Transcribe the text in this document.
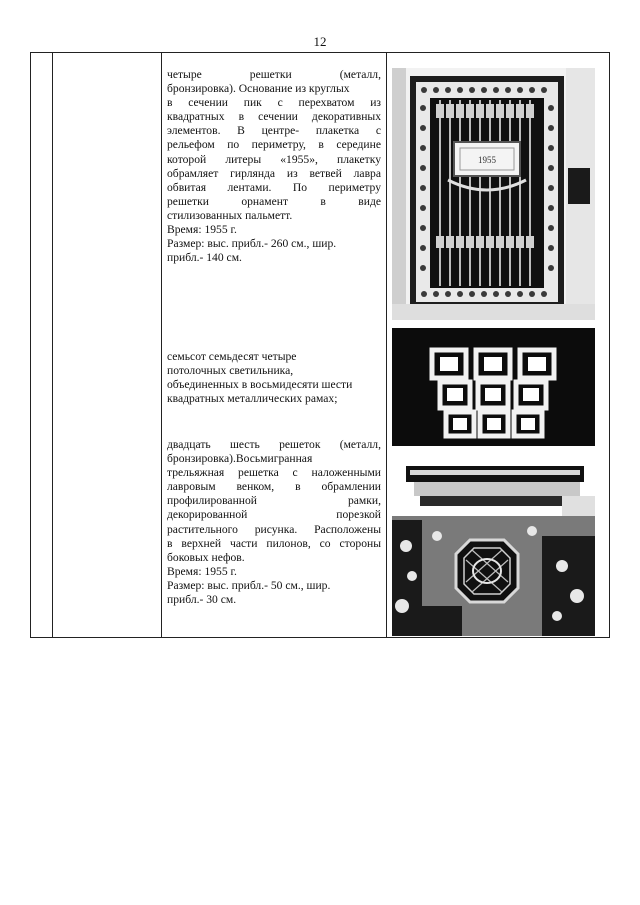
12
четыре решетки (металл,
бронзировка). Основание из круглых
в сечении пик с перехватом из
квадратных в сечении декоративных
элементов. В центре- плакетка с
рельефом по периметру, в середине
которой литеры «1955», плакетку
обрамляет гирлянда из ветвей лавра
обвитая лентами. По периметру
решетки орнамент в виде
стилизованных пальметт.
Время: 1955 г.
Размер: выс. прибл.- 260 см., шир.
прибл.- 140 см.
семьсот семьдесят четыре
потолочных светильника,
объединенных в восьмидесяти шести
квадратных металлических рамах;
двадцать шесть решеток (металл,
бронзировка).Восьмигранная
трельяжная решетка с наложенными
лавровым венком, в обрамлении
профилированной рамки,
декорированной порезкой
растительного рисунка. Расположены
в верхней части пилонов, со стороны
боковых нефов.
Время: 1955 г.
Размер: выс. прибл.- 50 см., шир.
прибл.- 30 см.
1955
